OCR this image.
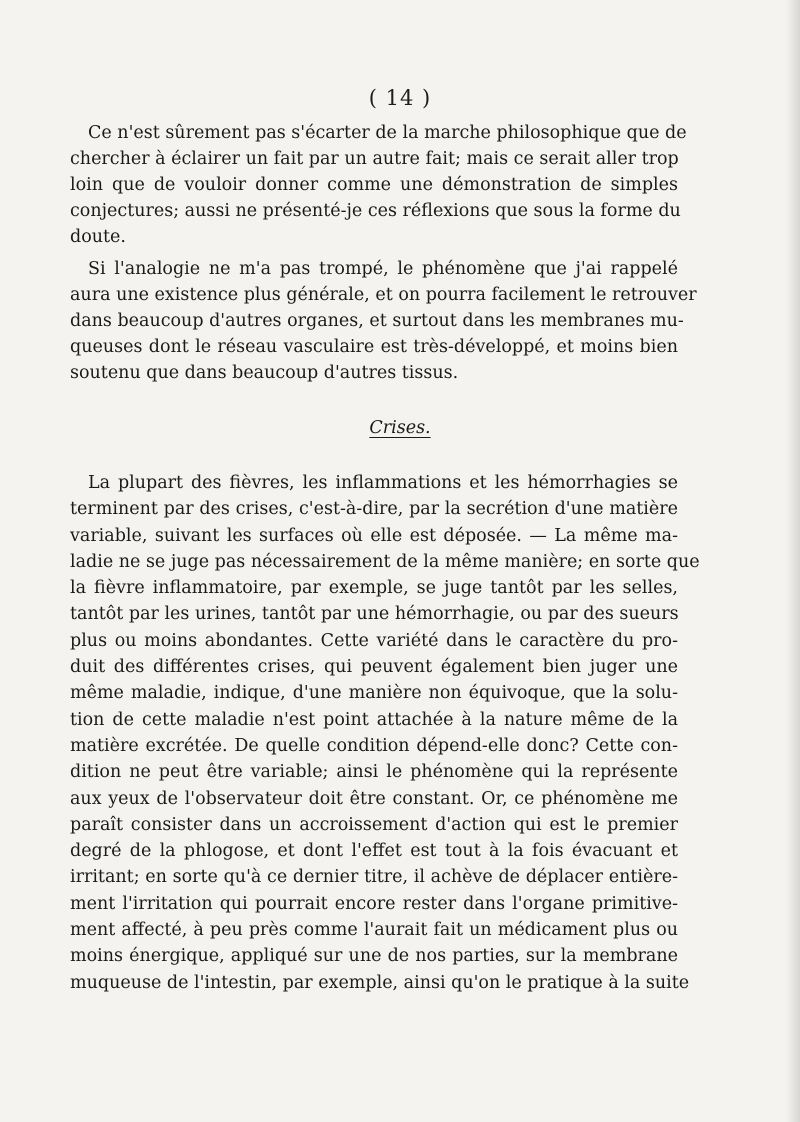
( 14 )
Ce n'est sûrement pas s'écarter de la marche philosophique que de
chercher à éclairer un fait par un autre fait; mais ce serait aller trop
loin que de vouloir donner comme une démonstration de simples
conjectures; aussi ne présenté-je ces réflexions que sous la forme du
doute.
Si l'analogie ne m'a pas trompé, le phénomène que j'ai rappelé
aura une existence plus générale, et on pourra facilement le retrouver
dans beaucoup d'autres organes, et surtout dans les membranes mu-
queuses dont le réseau vasculaire est très-développé, et moins bien
soutenu que dans beaucoup d'autres tissus.
Crises.
La plupart des fièvres, les inflammations et les hémorrhagies se
terminent par des crises, c'est-à-dire, par la secrétion d'une matière
variable, suivant les surfaces où elle est déposée. — La même ma-
ladie ne se juge pas nécessairement de la même manière; en sorte que
la fièvre inflammatoire, par exemple, se juge tantôt par les selles,
tantôt par les urines, tantôt par une hémorrhagie, ou par des sueurs
plus ou moins abondantes. Cette variété dans le caractère du pro-
duit des différentes crises, qui peuvent également bien juger une
même maladie, indique, d'une manière non équivoque, que la solu-
tion de cette maladie n'est point attachée à la nature même de la
matière excrétée. De quelle condition dépend-elle donc? Cette con-
dition ne peut être variable; ainsi le phénomène qui la représente
aux yeux de l'observateur doit être constant. Or, ce phénomène me
paraît consister dans un accroissement d'action qui est le premier
degré de la phlogose, et dont l'effet est tout à la fois évacuant et
irritant; en sorte qu'à ce dernier titre, il achève de déplacer entière-
ment l'irritation qui pourrait encore rester dans l'organe primitive-
ment affecté, à peu près comme l'aurait fait un médicament plus ou
moins énergique, appliqué sur une de nos parties, sur la membrane
muqueuse de l'intestin, par exemple, ainsi qu'on le pratique à la suite
